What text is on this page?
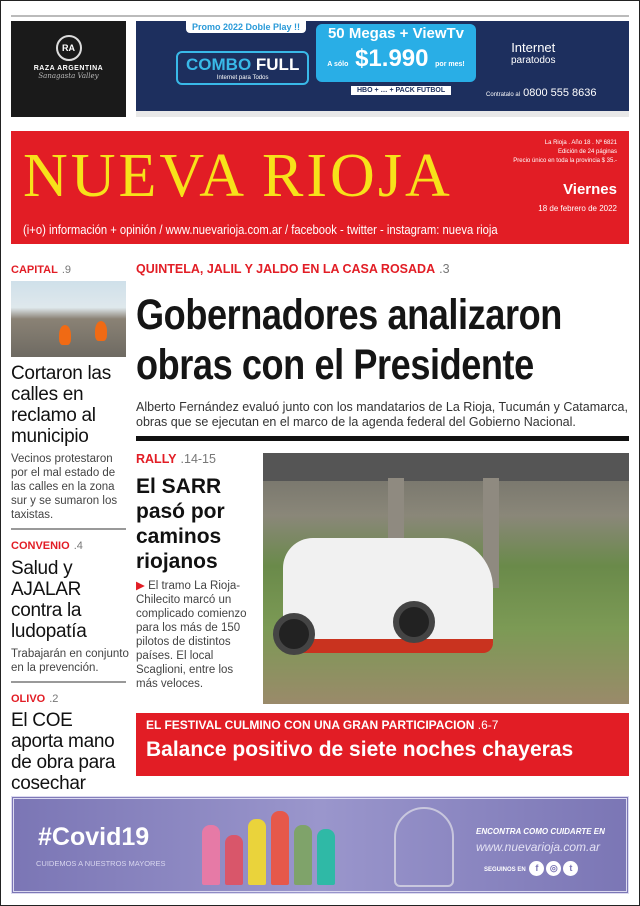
RA
RAZA ARGENTINA
Sanagasta Valley
Promo 2022 Doble Play !!
COMBO FULL
Internet para Todos
50 Megas + ViewTv
A sólo $1.990 por mes!
HBO + … + PACK FUTBOL
Internet
paratodos
Contratalo al 0800 555 8636
NUEVA RIOJA	La Rioja . Año 18 . Nº 6821
Edición de 24 páginas
Precio único en toda la provincia $ 35.-
Viernes
18 de febrero de 2022
(i+o) información + opinión / www.nuevarioja.com.ar / facebook - twitter - instagram: nueva rioja
CAPITAL .9
Cortaron las calles en reclamo al municipio
Vecinos protestaron por el mal estado de las calles en la zona sur y se sumaron los taxistas.
CONVENIO .4
Salud y AJALAR contra la ludopatía
Trabajarán en conjunto en la prevención.
OLIVO .2
El COE aporta mano de obra para cosechar
QUINTELA, JALIL Y JALDO EN LA CASA ROSADA .3
Gobernadores analizaron
obras con el Presidente
Alberto Fernández evaluó junto con los mandatarios de La Rioja, Tucumán y Catamarca, obras que se ejecutan en el marco de la agenda federal del Gobierno Nacional.
RALLY .14-15
El SARR pasó por caminos riojanos
▶ El tramo La Rioja-Chilecito marcó un complicado comienzo para los más de 150 pilotos de distintos países. El local Scaglioni, entre los más veloces.
EL FESTIVAL CULMINO CON UNA GRAN PARTICIPACION .6-7
Balance positivo de siete noches chayeras
#Covid19
CUIDEMOS A NUESTROS MAYORES
ENCONTRA COMO CUIDARTE EN
www.nuevarioja.com.ar
SEGUINOS EN f ◎ t
